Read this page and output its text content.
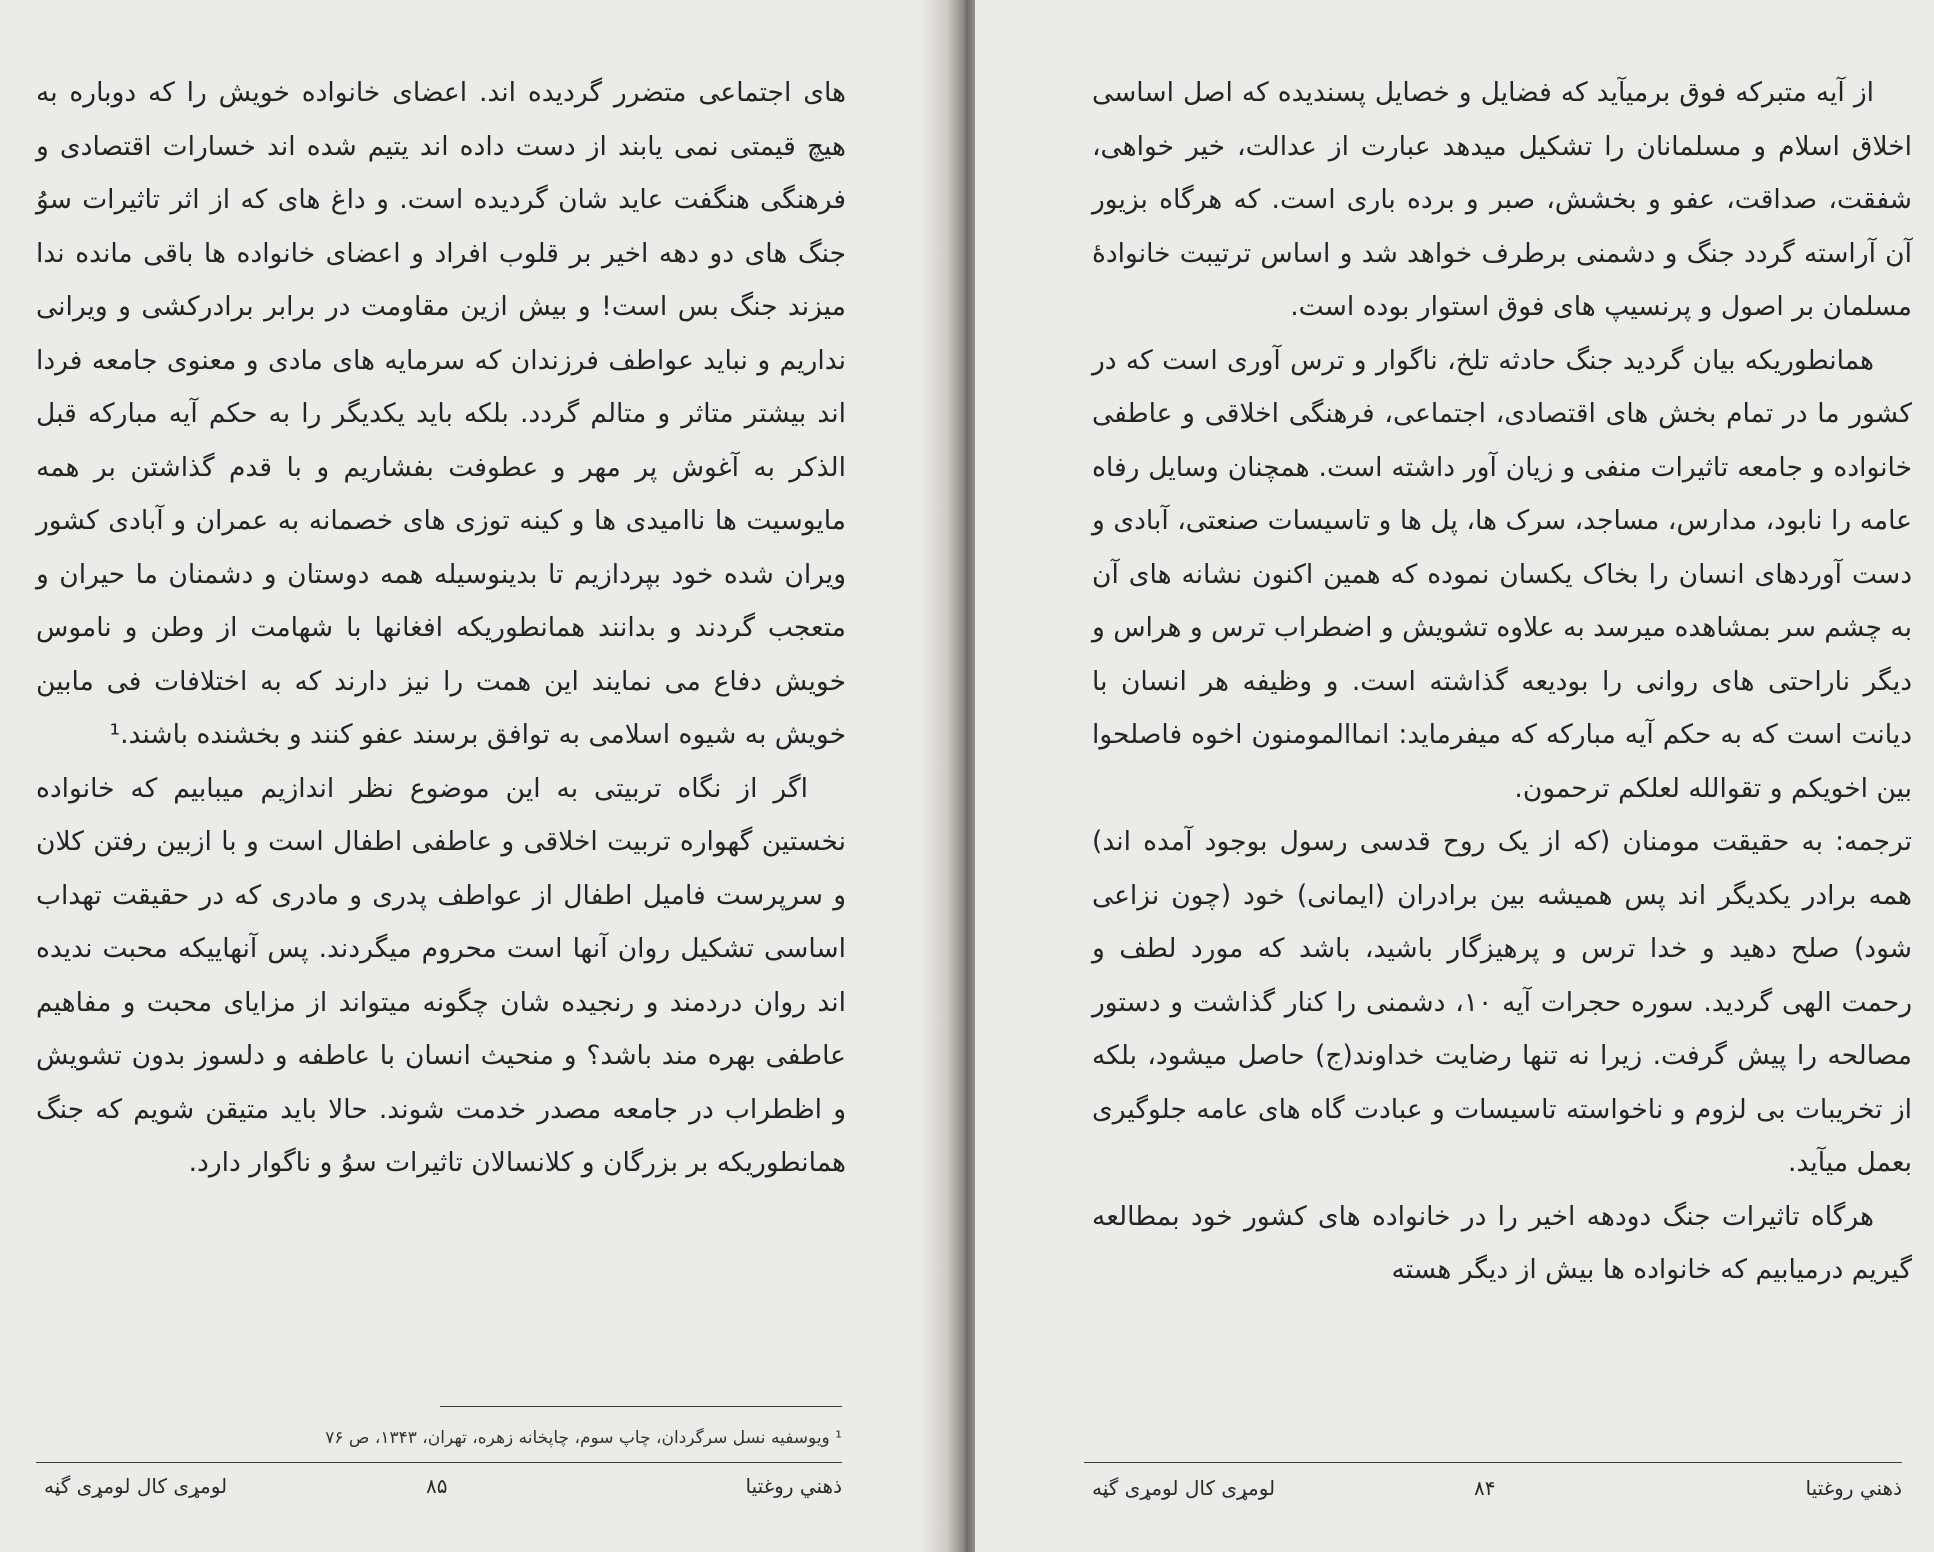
های اجتماعی متضرر گردیده اند. اعضای خانواده خویش را که دوباره به هیچ قیمتی نمی یابند از دست داده اند یتیم شده اند خسارات اقتصادی و فرهنگی هنگفت عاید شان گردیده است. و داغ های که از اثر تاثیرات سوُ جنگ های دو دهه اخیر بر قلوب افراد و اعضای خانواده ها باقی مانده ندا میزند جنگ بس است! و بیش ازین مقاومت در برابر برادرکشی و ویرانی نداریم و نباید عواطف فرزندان که سرمایه های مادی و معنوی جامعه فردا اند بیشتر متاثر و متالم گردد. بلکه باید یکدیگر را به حکم آیه مبارکه قبل الذکر به آغوش پر مهر و عطوفت بفشاریم و با قدم گذاشتن بر همه مایوسیت ها ناامیدی ها و کینه توزی های خصمانه به عمران و آبادی کشور ویران شده خود بپردازیم تا بدینوسیله همه دوستان و دشمنان ما حیران و متعجب گردند و بدانند همانطوریکه افغانها با شهامت از وطن و ناموس خویش دفاع می نمایند این همت را نیز دارند که به اختلافات فی مابین خویش به شیوه اسلامی به توافق برسند عفو کنند و بخشنده باشند.¹

اگر از نگاه تربیتی به این موضوع نظر اندازیم میبابیم که خانواده نخستین گهواره تربیت اخلاقی و عاطفی اطفال است و با ازبین رفتن کلان و سرپرست فامیل اطفال از عواطف پدری و مادری که در حقیقت تهداب اساسی تشکیل روان آنها است محروم میگردند. پس آنهاییکه محبت ندیده اند روان دردمند و رنجیده شان چگونه میتواند از مزایای محبت و مفاهیم عاطفی بهره مند باشد؟ و منحیث انسان با عاطفه و دلسوز بدون تشویش و اظطراب در جامعه مصدر خدمت شوند. حالا باید متیقن شویم که جنگ همانطوریکه بر بزرگان و کلانسالان تاثیرات سوُ و ناگوار دارد.

¹ ویوسفیه نسل سرگردان، چاپ سوم، چاپخانه زهره، تهران، ۱۳۴۳، ص ۷۶
ذهني روغتيا
۸۵
لومړی کال لومړی گڼه	ذهني روغتيا
۸۴
لومړی کال لومړی گڼه

از آیه متبرکه فوق برمیآید که فضایل و خصایل پسندیده که اصل اساسی اخلاق اسلام و مسلمانان را تشکیل میدهد عبارت از عدالت، خیر خواهی، شفقت، صداقت، عفو و بخشش، صبر و برده باری است. که هرگاه بزیور آن آراسته گردد جنگ و دشمنی برطرف خواهد شد و اساس ترتیبت خانوادهٔ مسلمان بر اصول و پرنسیپ های فوق استوار بوده است.

همانطوریکه بیان گردید جنگ حادثه تلخ، ناگوار و ترس آوری است که در کشور ما در تمام بخش های اقتصادی، اجتماعی، فرهنگی اخلاقی و عاطفی خانواده و جامعه تاثیرات منفی و زیان آور داشته است. همچنان وسایل رفاه عامه را نابود، مدارس، مساجد، سرک ها، پل ها و تاسیسات صنعتی، آبادی و دست آوردهای انسان را بخاک یکسان نموده که همین اکنون نشانه های آن به چشم سر بمشاهده میرسد به علاوه تشویش و اضطراب ترس و هراس و دیگر ناراحتی های روانی را بودیعه گذاشته است. و وظیفه هر انسان با دیانت است که به حکم آیه مبارکه که میفرماید: انماالمومنون اخوه فاصلحوا بین اخویکم و تقوالله لعلکم ترحمون.

ترجمه: به حقیقت مومنان (که از یک روح قدسی رسول بوجود آمده اند) همه برادر یکدیگر اند پس همیشه بین برادران (ایمانی) خود (چون نزاعی شود) صلح دهید و خدا ترس و پرهیزگار باشید، باشد که مورد لطف و رحمت الهی گردید. سوره حجرات آیه ۱۰، دشمنی را کنار گذاشت و دستور مصالحه را پیش گرفت. زیرا نه تنها رضایت خداوند(ج) حاصل میشود، بلکه از تخریبات بی لزوم و ناخواسته تاسیسات و عبادت گاه های عامه جلوگیری بعمل میآید.

هرگاه تاثیرات جنگ دودهه اخیر را در خانواده های کشور خود بمطالعه گیریم درمیابیم که خانواده ها بیش از دیگر هسته
